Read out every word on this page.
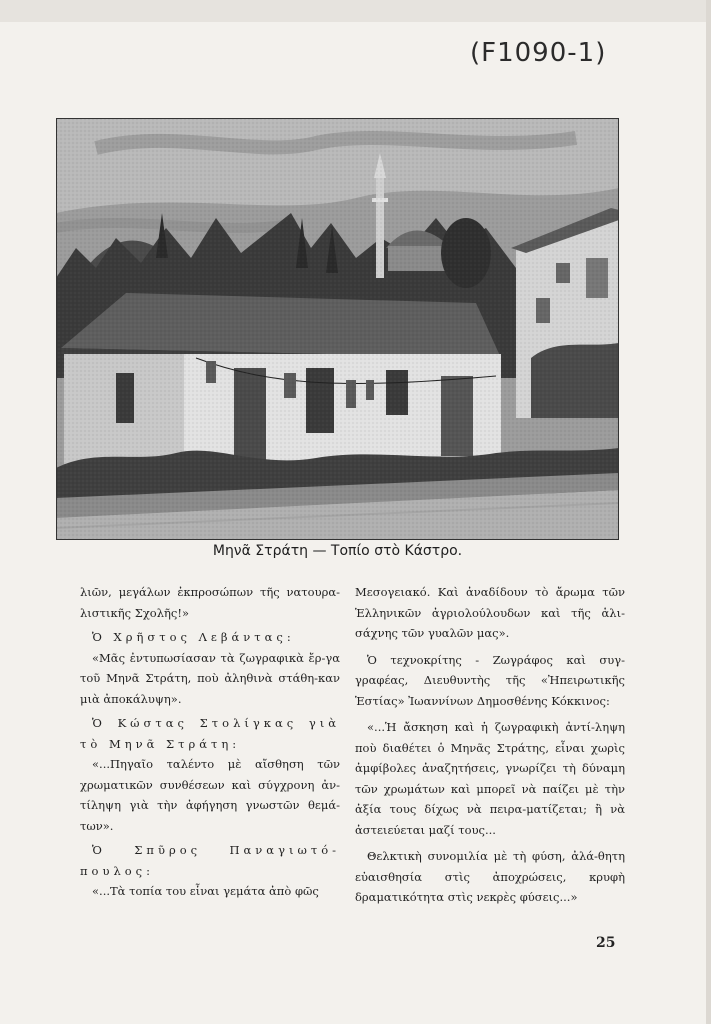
(F1090-1)
Μηνᾶ Στράτη — Τοπίο στὸ Κάστρο.

λιῶν, μεγάλων ἐκπροσώπων τῆς νατουρα-λιστικῆς Σχολῆς!»

Ὁ Χρῆστος Λεβάντας:

«Μᾶς ἐντυπωσίασαν τὰ ζωγραφικὰ ἔρ-γα τοῦ Μηνᾶ Στράτη, ποὺ ἀληθινὰ στάθη-καν μιὰ ἀποκάλυψη».

Ὁ Κώστας Στολίγκας γιὰ τὸ Μηνᾶ Στράτη:

«...Πηγαῖο ταλέντο μὲ αἴσθηση τῶν χρωματικῶν συνθέσεων καὶ σύγχρονη ἀν-τίληψη γιὰ τὴν ἀφήγηση γνωστῶν θεμά-των».

Ὁ Σπῦρος Παναγιωτό-πουλος:

«...Τὰ τοπία του εἶναι γεμάτα ἀπὸ φῶς

Μεσογειακό. Καὶ ἀναδίδουν τὸ ἄρωμα τῶν Ἑλληνικῶν ἀγριολούλουδων καὶ τῆς ἁλι-σάχνης τῶν γυαλῶν μας».

Ὁ τεχνοκρίτης - Ζωγράφος καὶ συγ-γραφέας, Διευθυντὴς τῆς «Ἠπειρωτικῆς Ἑστίας» Ἰωαννίνων Δημοσθένης Κόκκινος:

«...Ἡ ἄσκηση καὶ ἡ ζωγραφικὴ ἀντί-ληψη ποὺ διαθέτει ὁ Μηνᾶς Στράτης, εἶναι χωρὶς ἀμφίβολες ἀναζητήσεις, γνωρίζει τὴ δύναμη τῶν χρωμάτων καὶ μπορεῖ νὰ παίζει μὲ τὴν ἀξία τους δίχως νὰ πειρα-ματίζεται; ἢ νὰ ἀστειεύεται μαζί τους...

Θελκτικὴ συνομιλία μὲ τὴ φύση, ἀλά-θητη εὐαισθησία στὶς ἀποχρώσεις, κρυφὴ δραματικότητα στὶς νεκρὲς φύσεις...»

25
